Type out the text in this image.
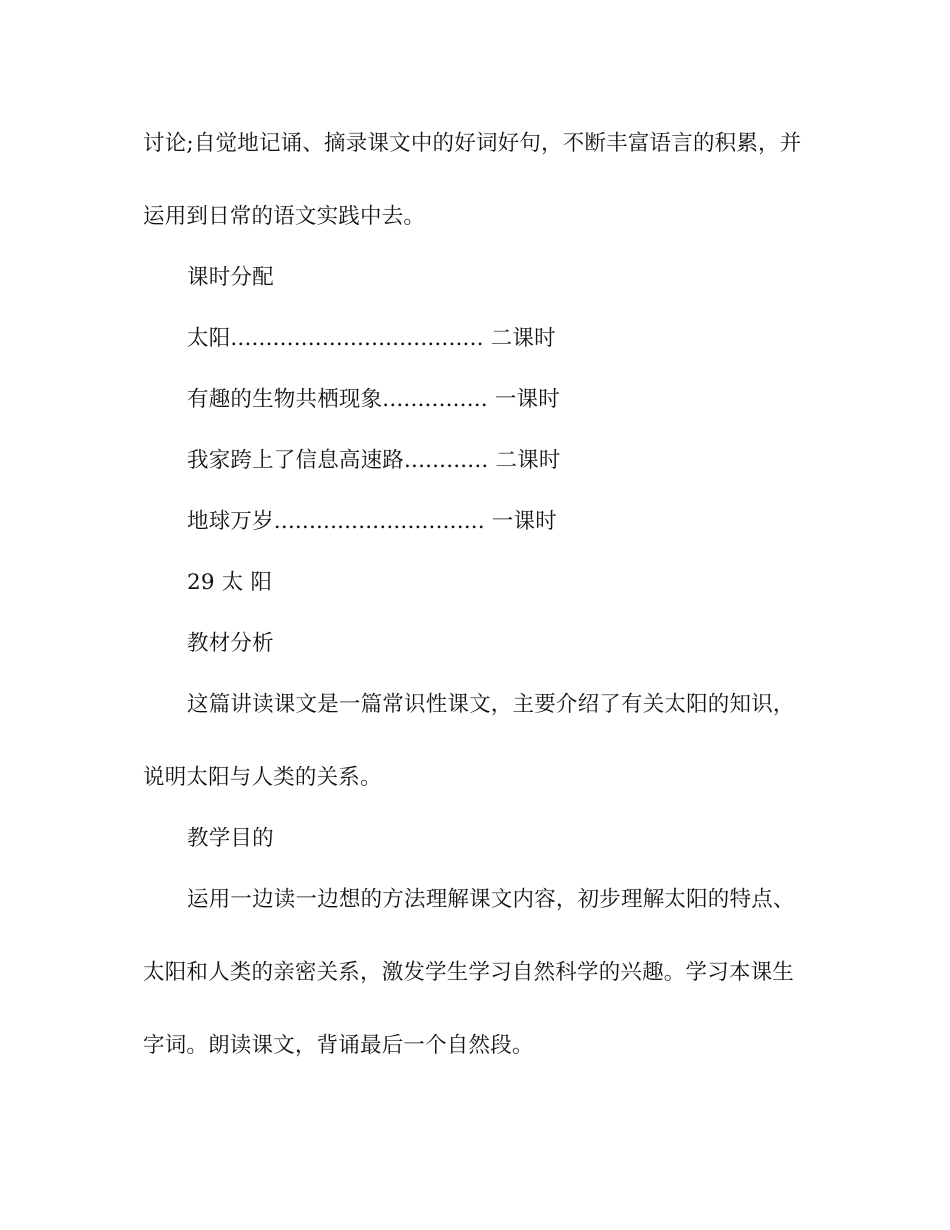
讨论;自觉地记诵、摘录课文中的好词好句，不断丰富语言的积累，并
运用到日常的语文实践中去。
课时分配
太阳.................................... 二课时
有趣的生物共栖现象............... 一课时
我家跨上了信息高速路............ 二课时
地球万岁.............................. 一课时
29 太 阳
教材分析
这篇讲读课文是一篇常识性课文，主要介绍了有关太阳的知识，
说明太阳与人类的关系。
教学目的
运用一边读一边想的方法理解课文内容，初步理解太阳的特点、
太阳和人类的亲密关系，激发学生学习自然科学的兴趣。学习本课生
字词。朗读课文，背诵最后一个自然段。
